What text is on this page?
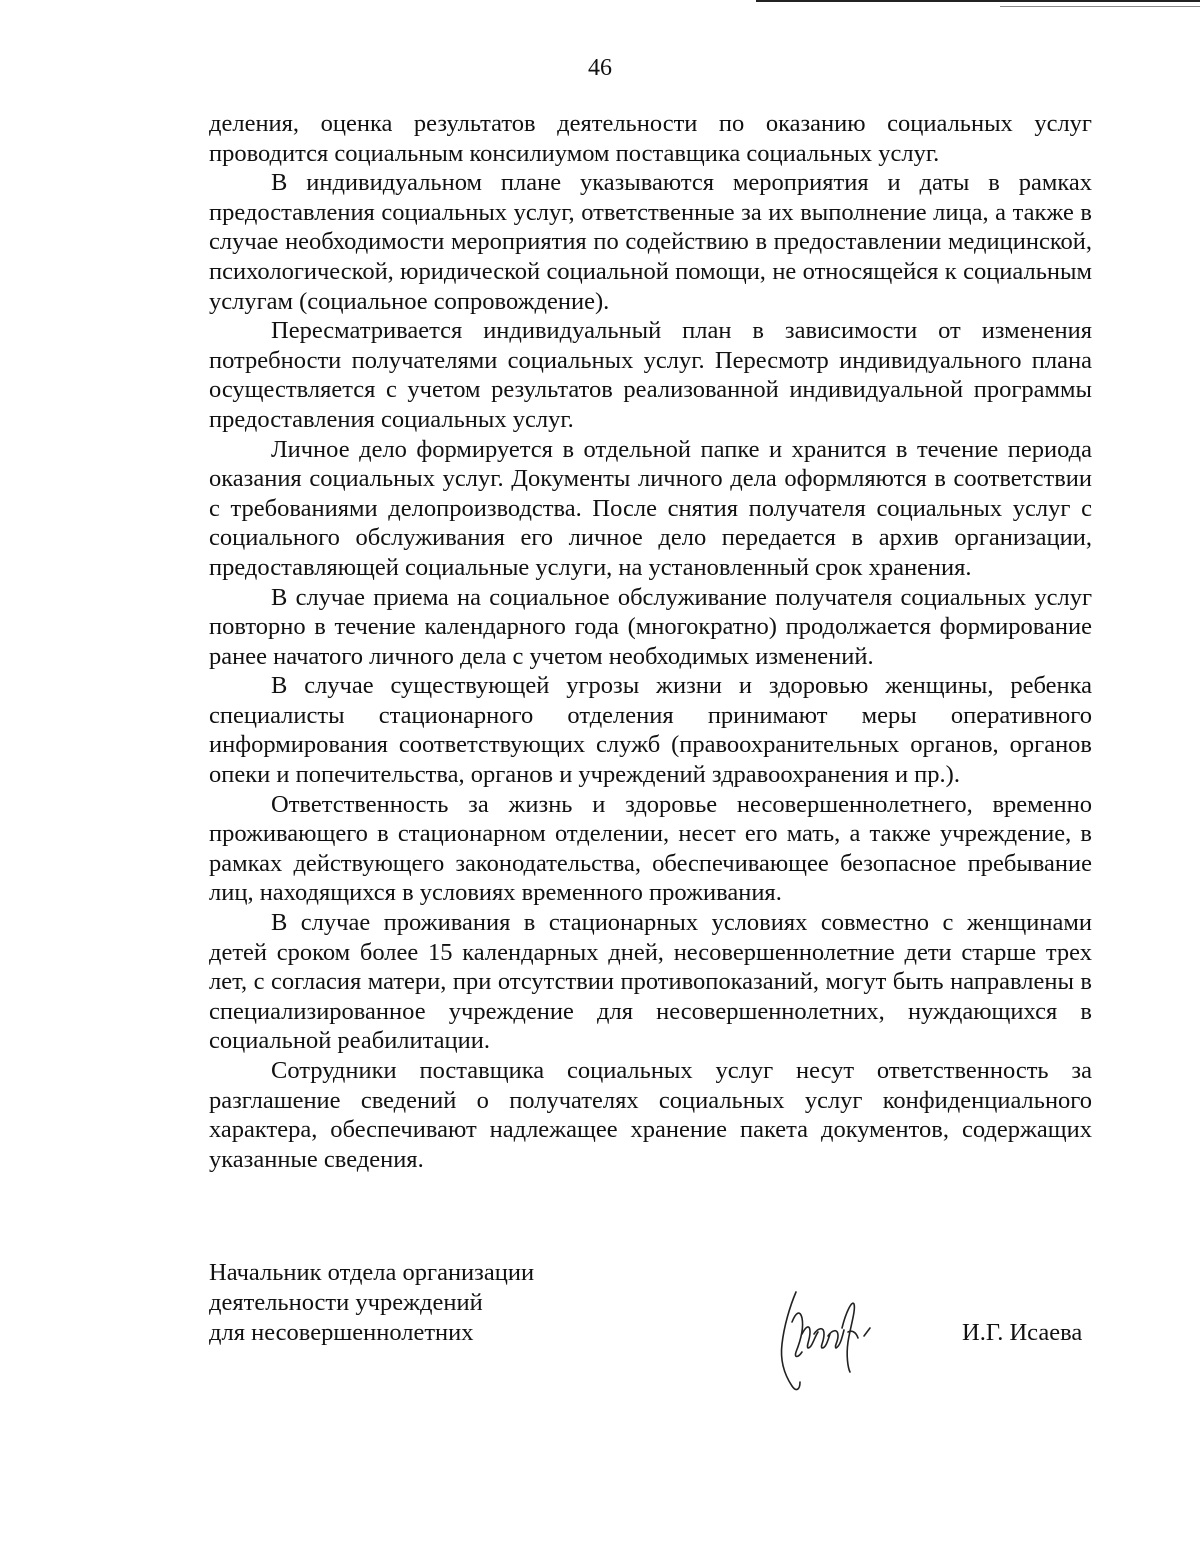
46

деления, оценка результатов деятельности по оказанию социальных услуг проводится социальным консилиумом поставщика социальных услуг.

В индивидуальном плане указываются мероприятия и даты в рамках предоставления социальных услуг, ответственные за их выполнение лица, а также в случае необходимости мероприятия по содействию в предоставлении медицинской, психологической, юридической социальной помощи, не относящейся к социальным услугам (социальное сопровождение).

Пересматривается индивидуальный план в зависимости от изменения потребности получателями социальных услуг. Пересмотр индивидуального плана осуществляется с учетом результатов реализованной индивидуальной программы предоставления социальных услуг.

Личное дело формируется в отдельной папке и хранится в течение периода оказания социальных услуг. Документы личного дела оформляются в соответствии с требованиями делопроизводства. После снятия получателя социальных услуг с социального обслуживания его личное дело передается в архив организации, предоставляющей социальные услуги, на установленный срок хранения.

В случае приема на социальное обслуживание получателя социальных услуг повторно в течение календарного года (многократно) продолжается формирование ранее начатого личного дела с учетом необходимых изменений.

В случае существующей угрозы жизни и здоровью женщины, ребенка специалисты стационарного отделения принимают меры оперативного информирования соответствующих служб (правоохранительных органов, органов опеки и попечительства, органов и учреждений здравоохранения и пр.).

Ответственность за жизнь и здоровье несовершеннолетнего, временно проживающего в стационарном отделении, несет его мать, а также учреждение, в рамках действующего законодательства, обеспечивающее безопасное пребывание лиц, находящихся в условиях временного проживания.

В случае проживания в стационарных условиях совместно с женщинами детей сроком более 15 календарных дней, несовершеннолетние дети старше трех лет, с согласия матери, при отсутствии противопоказаний, могут быть направлены в специализированное учреждение для несовершеннолетних, нуждающихся в социальной реабилитации.

Сотрудники поставщика социальных услуг несут ответственность за разглашение сведений о получателях социальных услуг конфиденциального характера, обеспечивают надлежащее хранение пакета документов, содержащих указанные сведения.

Начальник отдела организации
деятельности учреждений
для несовершеннолетних	И.Г. Исаева
